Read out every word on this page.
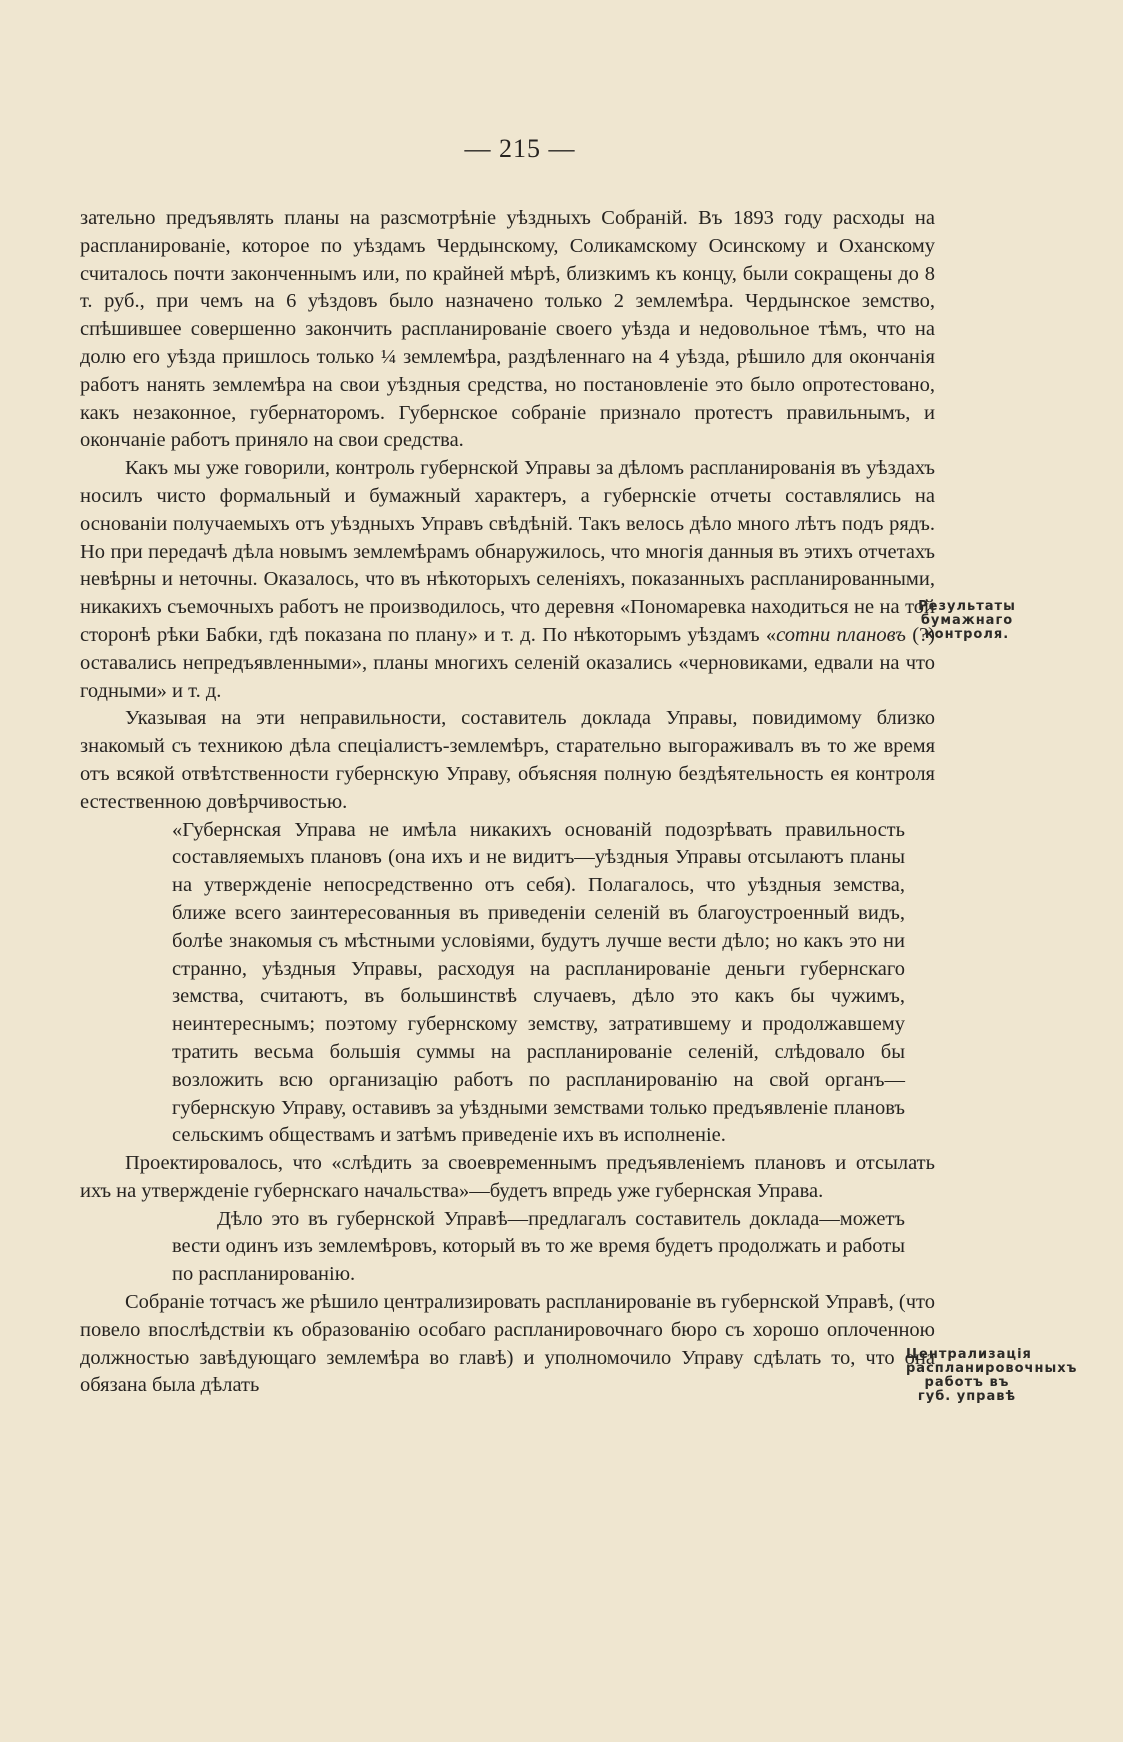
— 215 —

зательно предъявлять планы на разсмотрѣніе уѣздныхъ Собраній. Въ 1893 году расходы на распланированіе, которое по уѣздамъ Чердынскому, Соликамскому Осинскому и Оханскому считалось почти законченнымъ или, по крайней мѣрѣ, близкимъ къ концу, были сокращены до 8 т. руб., при чемъ на 6 уѣздовъ было назначено только 2 землемѣра. Чердынское земство, спѣшившее совершенно закончить распланированіе своего уѣзда и недовольное тѣмъ, что на долю его уѣзда пришлось только ¼ землемѣра, раздѣленнаго на 4 уѣзда, рѣшило для окончанія работъ нанять землемѣра на свои уѣздныя средства, но постановленіе это было опротестовано, какъ незаконное, губернаторомъ. Губернское собраніе признало протестъ правильнымъ, и окончаніе работъ приняло на свои средства.

Какъ мы уже говорили, контроль губернской Управы за дѣломъ распланированія въ уѣздахъ носилъ чисто формальный и бумажный характеръ, а губернскіе отчеты составлялись на основаніи получаемыхъ отъ уѣздныхъ Управъ свѣдѣній. Такъ велось дѣло много лѣтъ подъ рядъ. Но при передачѣ дѣла новымъ землемѣрамъ обнаружилось, что многія данныя въ этихъ отчетахъ невѣрны и неточны. Оказалось, что въ нѣкоторыхъ селеніяхъ, показанныхъ распланированными, никакихъ съемочныхъ работъ не производилось, что деревня «Пономаревка находиться не на той сторонѣ рѣки Бабки, гдѣ показана по плану» и т. д. По нѣкоторымъ уѣздамъ «сотни плановъ (?) оставались непредъявленными», планы многихъ селеній оказались «черновиками, едвали на что годными» и т. д.

Указывая на эти неправильности, составитель доклада Управы, повидимому близко знакомый съ техникою дѣла спеціалистъ-землемѣръ, старательно выгораживалъ въ то же время отъ всякой отвѣтственности губернскую Управу, объясняя полную бездѣятельность ея контроля естественною довѣрчивостью.

«Губернская Управа не имѣла никакихъ основаній подозрѣвать правильность составляемыхъ плановъ (она ихъ и не видитъ—уѣздныя Управы отсылаютъ планы на утвержденіе непосредственно отъ себя). Полагалось, что уѣздныя земства, ближе всего заинтересованныя въ приведеніи селеній въ благоустроенный видъ, болѣе знакомыя съ мѣстными условіями, будутъ лучше вести дѣло; но какъ это ни странно, уѣздныя Управы, расходуя на распланированіе деньги губернскаго земства, считаютъ, въ большинствѣ случаевъ, дѣло это какъ бы чужимъ, неинтереснымъ; поэтому губернскому земству, затратившему и продолжавшему тратить весьма большія суммы на распланированіе селеній, слѣдовало бы возложить всю организацію работъ по распланированію на свой органъ—губернскую Управу, оставивъ за уѣздными земствами только предъявленіе плановъ сельскимъ обществамъ и затѣмъ приведеніе ихъ въ исполненіе.

Проектировалось, что «слѣдить за своевременнымъ предъявленіемъ плановъ и отсылать ихъ на утвержденіе губернскаго начальства»—будетъ впредь уже губернская Управа.

Дѣло это въ губернской Управѣ—предлагалъ составитель доклада—можетъ вести одинъ изъ землемѣровъ, который въ то же время будетъ продолжать и работы по распланированію.

Собраніе тотчасъ же рѣшило централизировать распланированіе въ губернской Управѣ, (что повело впослѣдствіи къ образованію особаго распланировочнаго бюро съ хорошо оплоченною должностью завѣдующаго землемѣра во главѣ) и уполномочило Управу сдѣлать то, что она обязана была дѣлать

Результаты бумажнаго контроля.
Централизація распланировочныхъ работъ въ губ. управѣ
